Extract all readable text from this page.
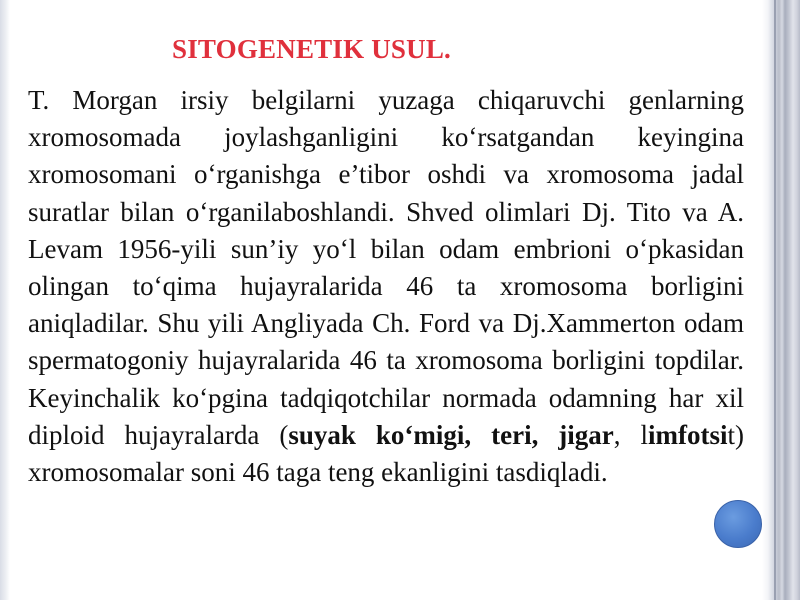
SITOGENETIK USUL.

T. Morgan irsiy belgilarni yuzaga chiqaruvchi genlarning xromosomada joylashganligini ko‘rsatgandan keyingina xromosomani o‘rganishga e’tibor oshdi va xromosoma jadal suratlar bilan o‘rganilaboshlandi. Shved olimlari Dj. Tito va A. Levam 1956-yili sun’iy yo‘l bilan odam embrioni o‘pkasidan olingan to‘qima hujayralarida 46 ta xromosoma borligini aniqladilar. Shu yili Angliyada Ch. Ford va Dj.Xammerton odam spermatogoniy hujayralarida 46 ta xromosoma borligini topdilar. Keyinchalik ko‘pgina tadqiqotchilar normada odamning har xil diploid hujayralarda (suyak ko‘migi, teri, jigar, limfotsit) xromosomalar soni 46 taga teng ekanligini tasdiqladi.
